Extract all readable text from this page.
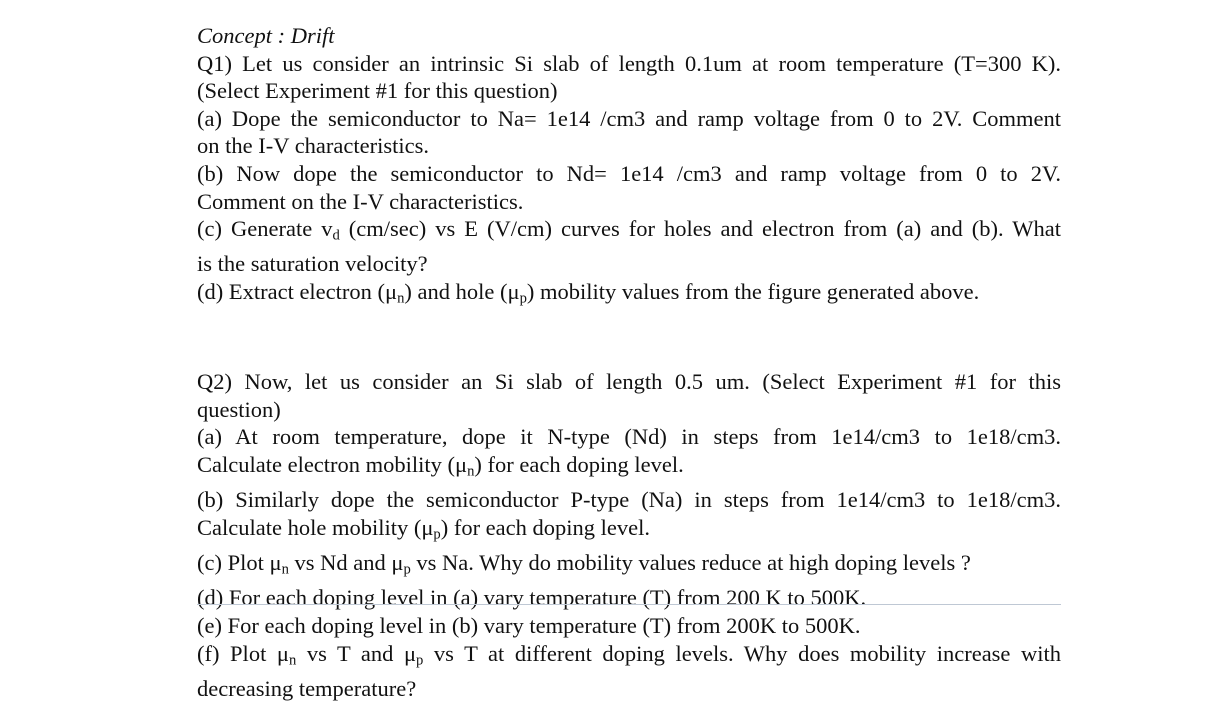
Concept : Drift
Q1) Let us consider an intrinsic Si slab of length 0.1um at room temperature (T=300 K).
(Select Experiment #1 for this question)
(a) Dope the semiconductor to Na= 1e14 /cm3 and ramp voltage from 0 to 2V. Comment
on the I-V characteristics.
(b) Now dope the semiconductor to Nd= 1e14 /cm3 and ramp voltage from 0 to 2V.
Comment on the I-V characteristics.
(c) Generate $v_d$ (cm/sec) vs E (V/cm) curves for holes and electron from (a) and (b). What
is the saturation velocity?
(d) Extract electron $(\mu_n)$ and hole $(\mu_p)$ mobility values from the figure generated above.
Q2) Now, let us consider an Si slab of length 0.5 um. (Select Experiment #1 for this
question)
(a) At room temperature, dope it N-type (Nd) in steps from 1e14/cm3 to 1e18/cm3.
Calculate electron mobility $(\mu_n)$ for each doping level.
(b) Similarly dope the semiconductor P-type (Na) in steps from 1e14/cm3 to 1e18/cm3.
Calculate hole mobility $(\mu_p)$ for each doping level.
(c) Plot $\mu_n$ vs Nd and $\mu_p$ vs Na. Why do mobility values reduce at high doping levels ?
(d) For each doping level in (a) vary temperature (T) from 200 K to 500K.
(e) For each doping level in (b) vary temperature (T) from 200K to 500K.
(f) Plot $\mu_n$ vs T and $\mu_p$ vs T at different doping levels. Why does mobility increase with
decreasing temperature?
